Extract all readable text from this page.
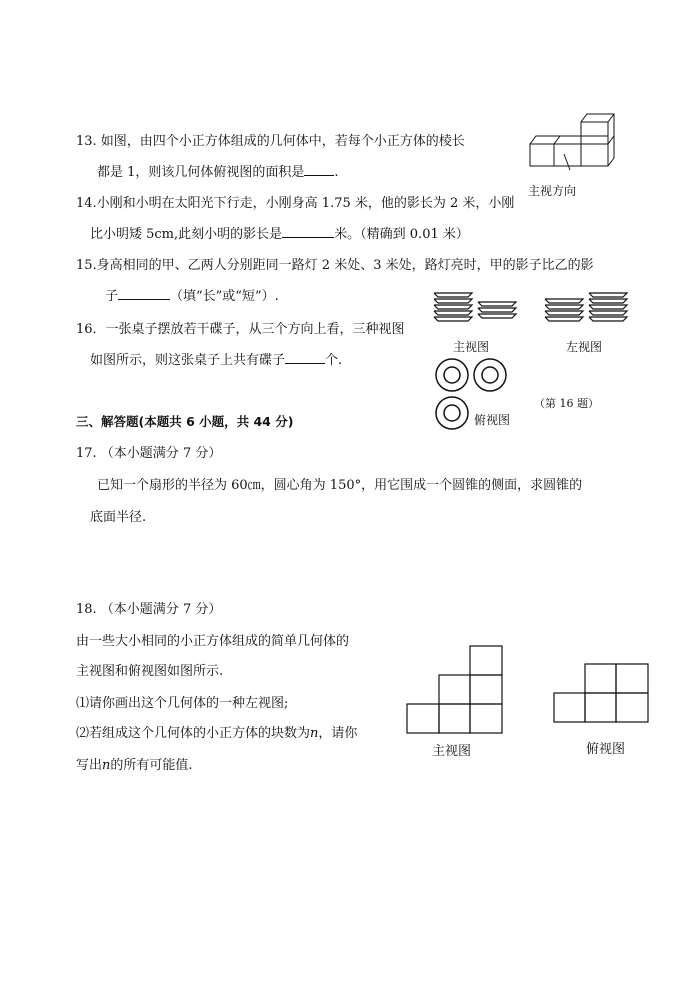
13. 如图，由四个小正方体组成的几何体中，若每个小正方体的棱长
都是 1，则该几何体俯视图的面积是 .
主视方向
14.小刚和小明在太阳光下行走，小刚身高 1.75 米，他的影长为 2 米，小刚
比小明矮 5cm,此刻小明的影长是	米。（精确到 0.01 米）
15.身高相同的甲、乙两人分别距同一路灯 2 米处、3 米处，路灯亮时，甲的影子比乙的影
子	（填“长”或“短”）.
16．一张桌子摆放若干碟子，从三个方向上看，三种视图
如图所示，则这张桌子上共有碟子	个.
主视图	左视图
俯视图
（第 16 题）
三、解答题(本题共 6 小题，共 44 分)
17. （本小题满分 7 分）
已知一个扇形的半径为 60㎝，圆心角为 150°，用它围成一个圆锥的侧面，求圆锥的
底面半径.
18. （本小题满分 7 分）
由一些大小相同的小正方体组成的简单几何体的
主视图和俯视图如图所示.
⑴请你画出这个几何体的一种左视图;
⑵若组成这个几何体的小正方体的块数为n，请你
写出n的所有可能值.
主视图	俯视图
